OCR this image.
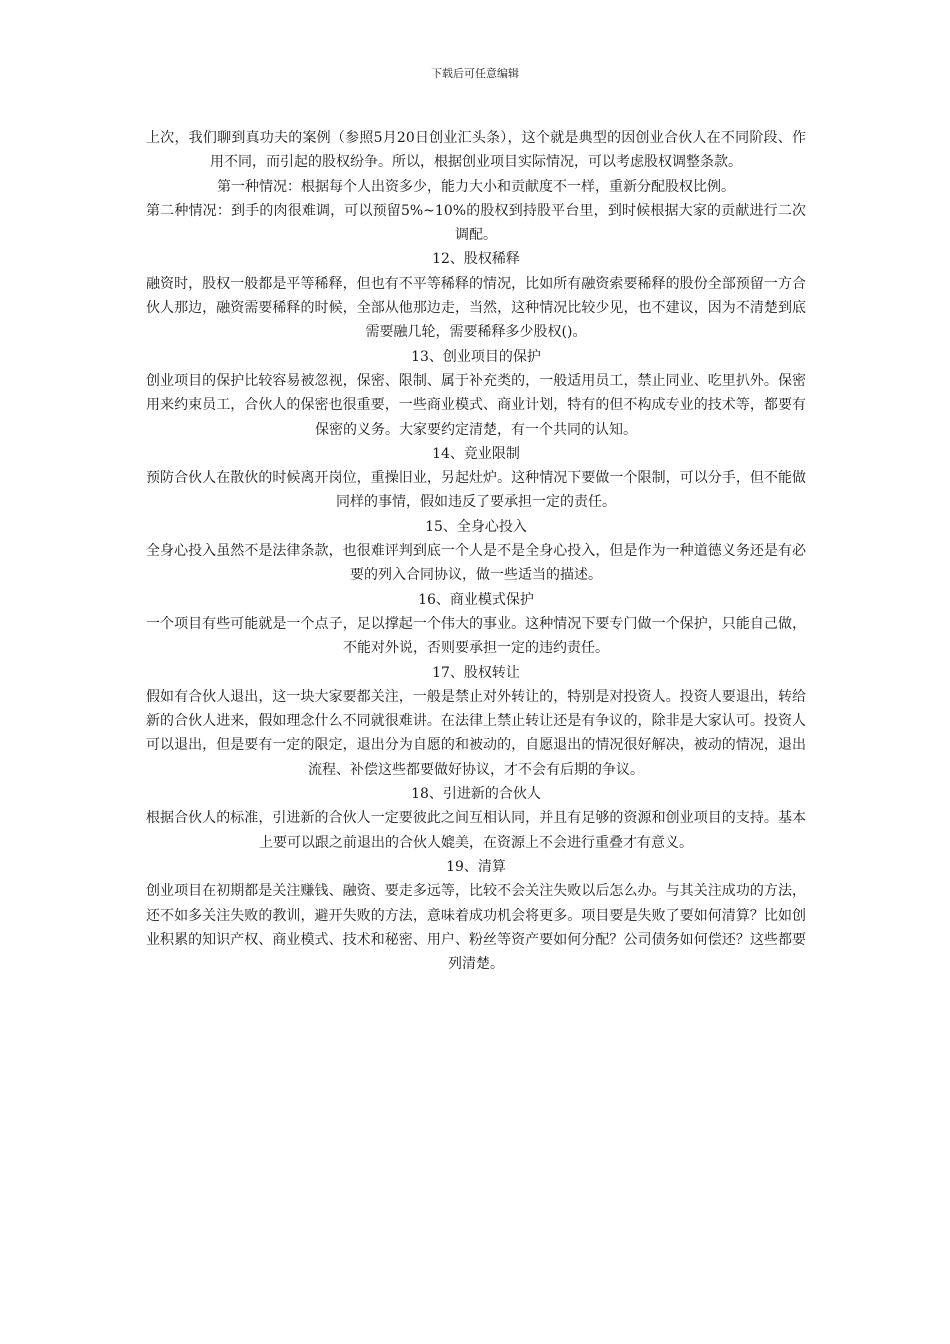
下载后可任意编辑

上次，我们聊到真功夫的案例（参照5月20日创业汇头条），这个就是典型的因创业合伙人在不同阶段、作用不同，而引起的股权纷争。所以，根据创业项目实际情况，可以考虑股权调整条款。

第一种情况：根据每个人出资多少，能力大小和贡献度不一样，重新分配股权比例。

第二种情况：到手的肉很难调，可以预留5%~10%的股权到持股平台里，到时候根据大家的贡献进行二次调配。

12、股权稀释

融资时，股权一般都是平等稀释，但也有不平等稀释的情况，比如所有融资索要稀释的股份全部预留一方合伙人那边，融资需要稀释的时候，全部从他那边走，当然，这种情况比较少见，也不建议，因为不清楚到底需要融几轮，需要稀释多少股权()。

13、创业项目的保护

创业项目的保护比较容易被忽视，保密、限制、属于补充类的，一般适用员工，禁止同业、吃里扒外。保密用来约束员工，合伙人的保密也很重要，一些商业模式、商业计划，特有的但不构成专业的技术等，都要有保密的义务。大家要约定清楚，有一个共同的认知。

14、竞业限制

预防合伙人在散伙的时候离开岗位，重操旧业，另起灶炉。这种情况下要做一个限制，可以分手，但不能做同样的事情，假如违反了要承担一定的责任。

15、全身心投入

全身心投入虽然不是法律条款，也很难评判到底一个人是不是全身心投入，但是作为一种道德义务还是有必要的列入合同协议，做一些适当的描述。

16、商业模式保护

一个项目有些可能就是一个点子，足以撑起一个伟大的事业。这种情况下要专门做一个保护，只能自己做，不能对外说，否则要承担一定的违约责任。

17、股权转让

假如有合伙人退出，这一块大家要都关注，一般是禁止对外转让的，特别是对投资人。投资人要退出，转给新的合伙人进来，假如理念什么不同就很难讲。在法律上禁止转让还是有争议的，除非是大家认可。投资人可以退出，但是要有一定的限定，退出分为自愿的和被动的，自愿退出的情况很好解决，被动的情况，退出流程、补偿这些都要做好协议，才不会有后期的争议。

18、引进新的合伙人

根据合伙人的标准，引进新的合伙人一定要彼此之间互相认同，并且有足够的资源和创业项目的支持。基本上要可以跟之前退出的合伙人媲美，在资源上不会进行重叠才有意义。

19、清算

创业项目在初期都是关注赚钱、融资、要走多远等，比较不会关注失败以后怎么办。与其关注成功的方法，还不如多关注失败的教训，避开失败的方法，意味着成功机会将更多。项目要是失败了要如何清算？比如创业积累的知识产权、商业模式、技术和秘密、用户、粉丝等资产要如何分配？公司债务如何偿还？这些都要列清楚。
